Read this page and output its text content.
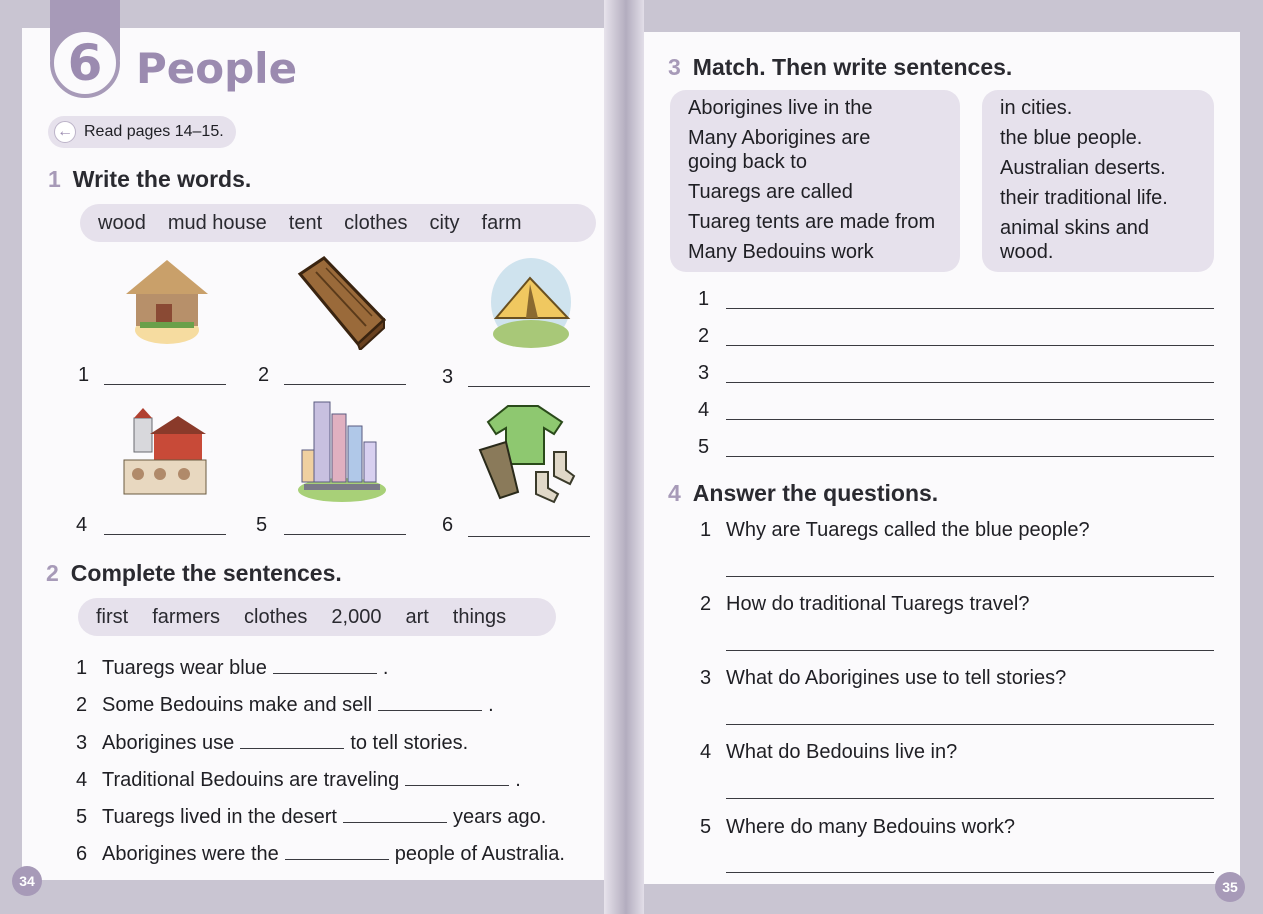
6 People
← Read pages 14–15.
1 Write the words.
wood mud house tent clothes city farm
1	2	3
4	5	6
2 Complete the sentences.
first farmers clothes 2,000 art things
1 Tuaregs wear blue	.
2 Some Bedouins make and sell	.
3 Aborigines use	to tell stories.
4 Traditional Bedouins are traveling	.
5 Tuaregs lived in the desert	years ago.
6 Aborigines were the	people of Australia.
3 Match. Then write sentences.
Aborigines live in the
Many Aborigines are going back to
Tuaregs are called
Tuareg tents are made from
Many Bedouins work
in cities.
the blue people.
Australian deserts.
their traditional life.
animal skins and wood.
1
2
3
4
5
4 Answer the questions.
1 Why are Tuaregs called the blue people?
2 How do traditional Tuaregs travel?
3 What do Aborigines use to tell stories?
4 What do Bedouins live in?
5 Where do many Bedouins work?
34	35
